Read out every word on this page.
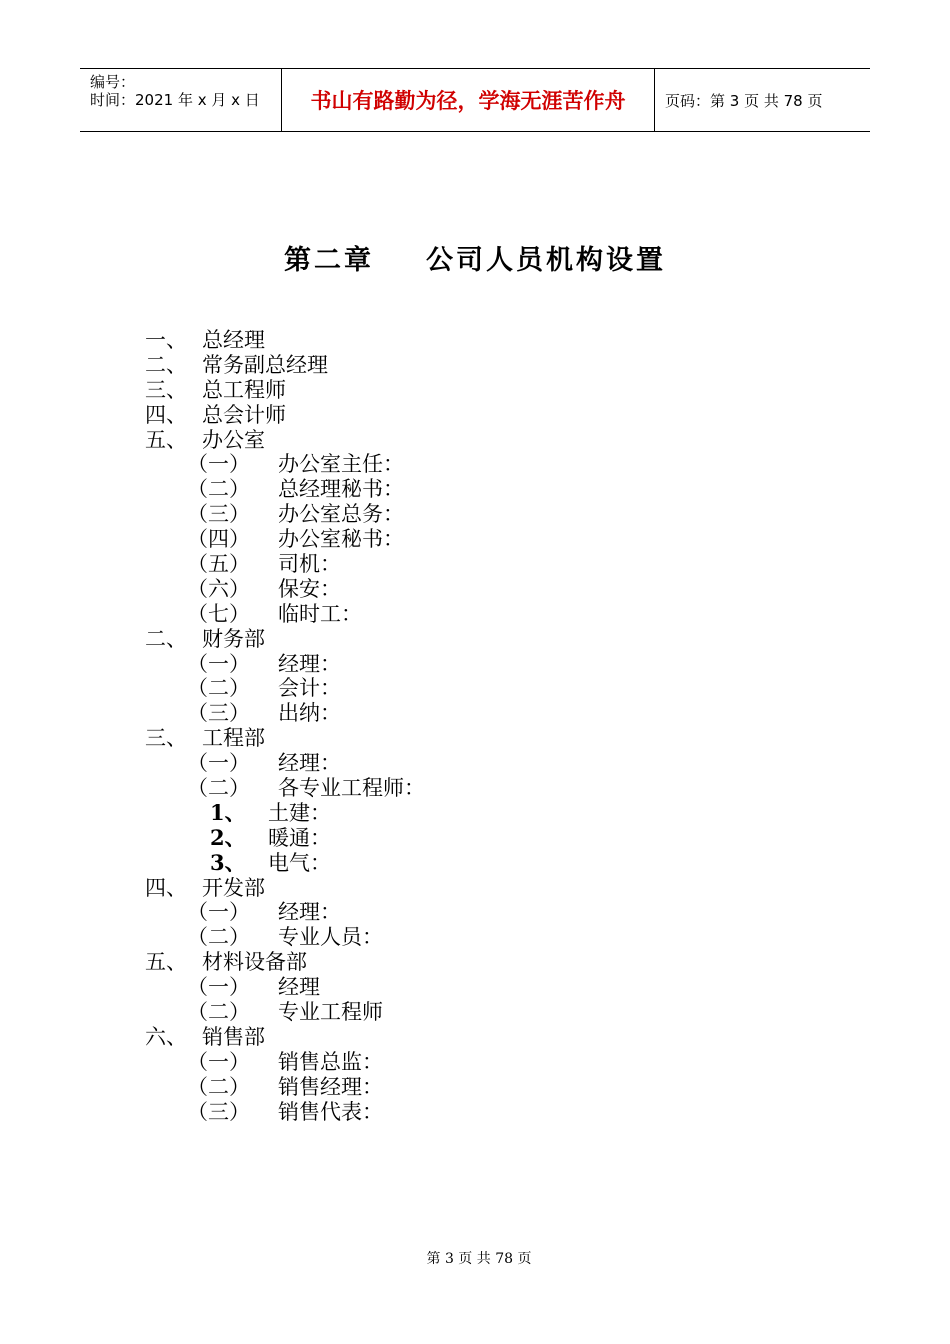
编号：
时间：2021 年 x 月 x 日	书山有路勤为径，学海无涯苦作舟	页码：第 3 页 共 78 页
第二章 公司人员机构设置
一、 总经理
二、 常务副总经理
三、 总工程师
四、 总会计师
五、 办公室
（一） 办公室主任：
（二） 总经理秘书：
（三） 办公室总务：
（四） 办公室秘书：
（五） 司机：
（六） 保安：
（七） 临时工：
二、 财务部
（一） 经理：
（二） 会计：
（三） 出纳：
三、 工程部
（一） 经理：
（二） 各专业工程师：
1、 土建：
2、 暖通：
3、 电气：
四、 开发部
（一） 经理：
（二） 专业人员：
五、 材料设备部
（一） 经理
（二） 专业工程师
六、 销售部
（一） 销售总监：
（二） 销售经理：
（三） 销售代表：
第 3 页 共 78 页
